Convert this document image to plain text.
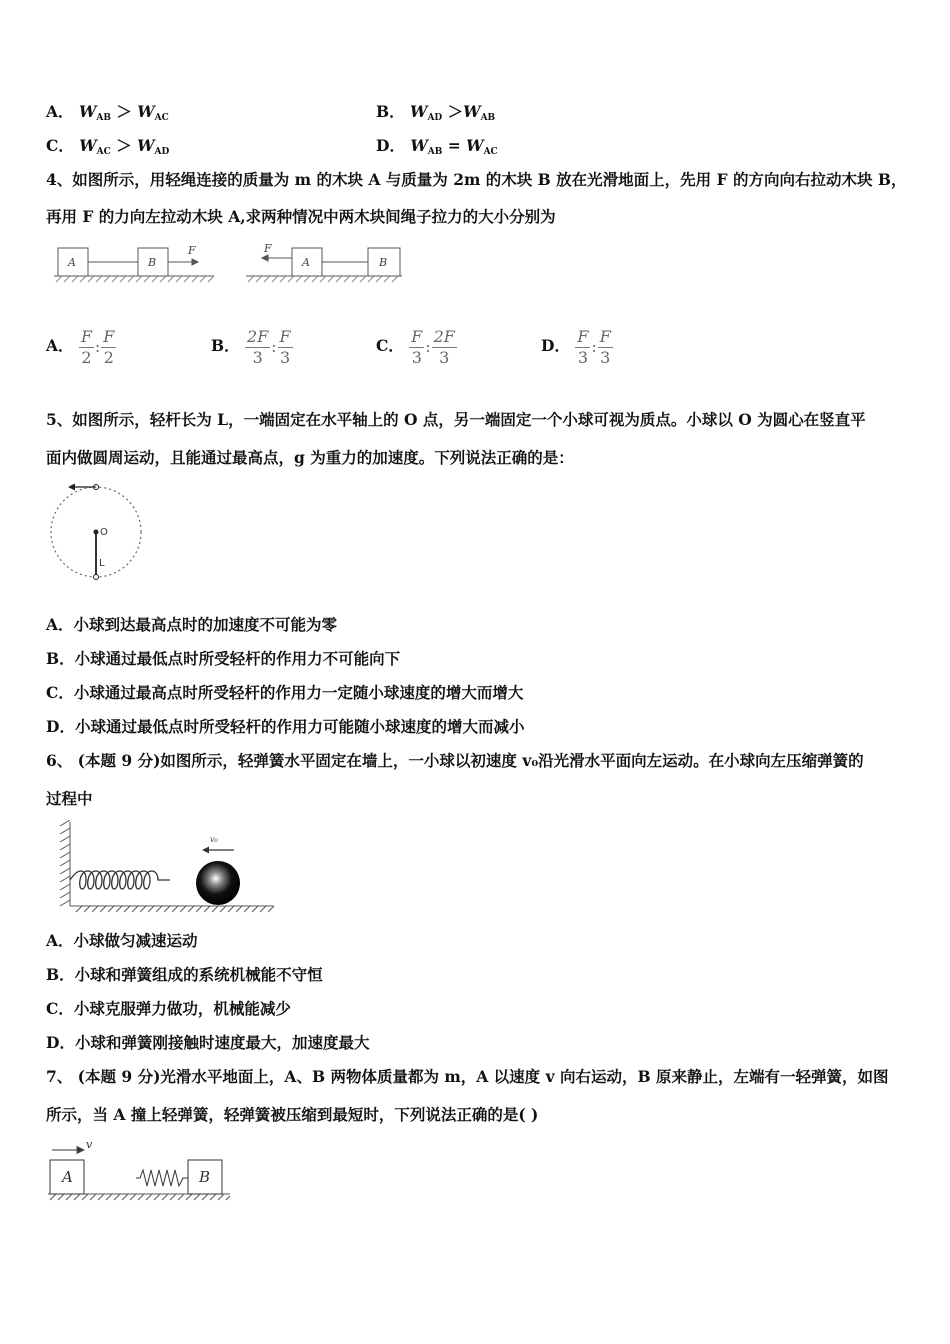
A． $W_{AB} > W_{AC}$	B． $W_{AD} >W_{AB}$
C． $W_{AC} > W_{AD}$	D． $W_{AB} = W_{AC}$
4、如图所示，用轻绳连接的质量为 m 的木块 A 与质量为 2m 的木块 B 放在光滑地面上，先用 F 的方向向右拉动木块 B，
再用 F 的力向左拉动木块 A,求两种情况中两木块间绳子拉力的大小分别为
A	B
F	F
A	B
A． $\frac{F}{2}$ : $\frac{F}{2}$	B． $\frac{2F}{3}$ : $\frac{F}{3}$	C． $\frac{F}{3}$ : $\frac{2F}{3}$	D． $\frac{F}{3}$ : $\frac{F}{3}$
5、如图所示，轻杆长为 L，一端固定在水平轴上的 O 点，另一端固定一个小球可视为质点。小球以 O 为圆心在竖直平
面内做圆周运动，且能通过最高点，g 为重力的加速度。下列说法正确的是：
O
L
A．小球到达最高点时的加速度不可能为零
B．小球通过最低点时所受轻杆的作用力不可能向下
C．小球通过最高点时所受轻杆的作用力一定随小球速度的增大而增大
D．小球通过最低点时所受轻杆的作用力可能随小球速度的增大而减小
6、 (本题 9 分)如图所示，轻弹簧水平固定在墙上，一小球以初速度 v₀沿光滑水平面向左运动。在小球向左压缩弹簧的
过程中
v₀
A．小球做匀减速运动
B．小球和弹簧组成的系统机械能不守恒
C．小球克服弹力做功，机械能减少
D．小球和弹簧刚接触时速度最大，加速度最大
7、 (本题 9 分)光滑水平地面上，A、B 两物体质量都为 m，A 以速度 v 向右运动，B 原来静止，左端有一轻弹簧，如图
所示，当 A 撞上轻弹簧，轻弹簧被压缩到最短时，下列说法正确的是( )
A	B
v
